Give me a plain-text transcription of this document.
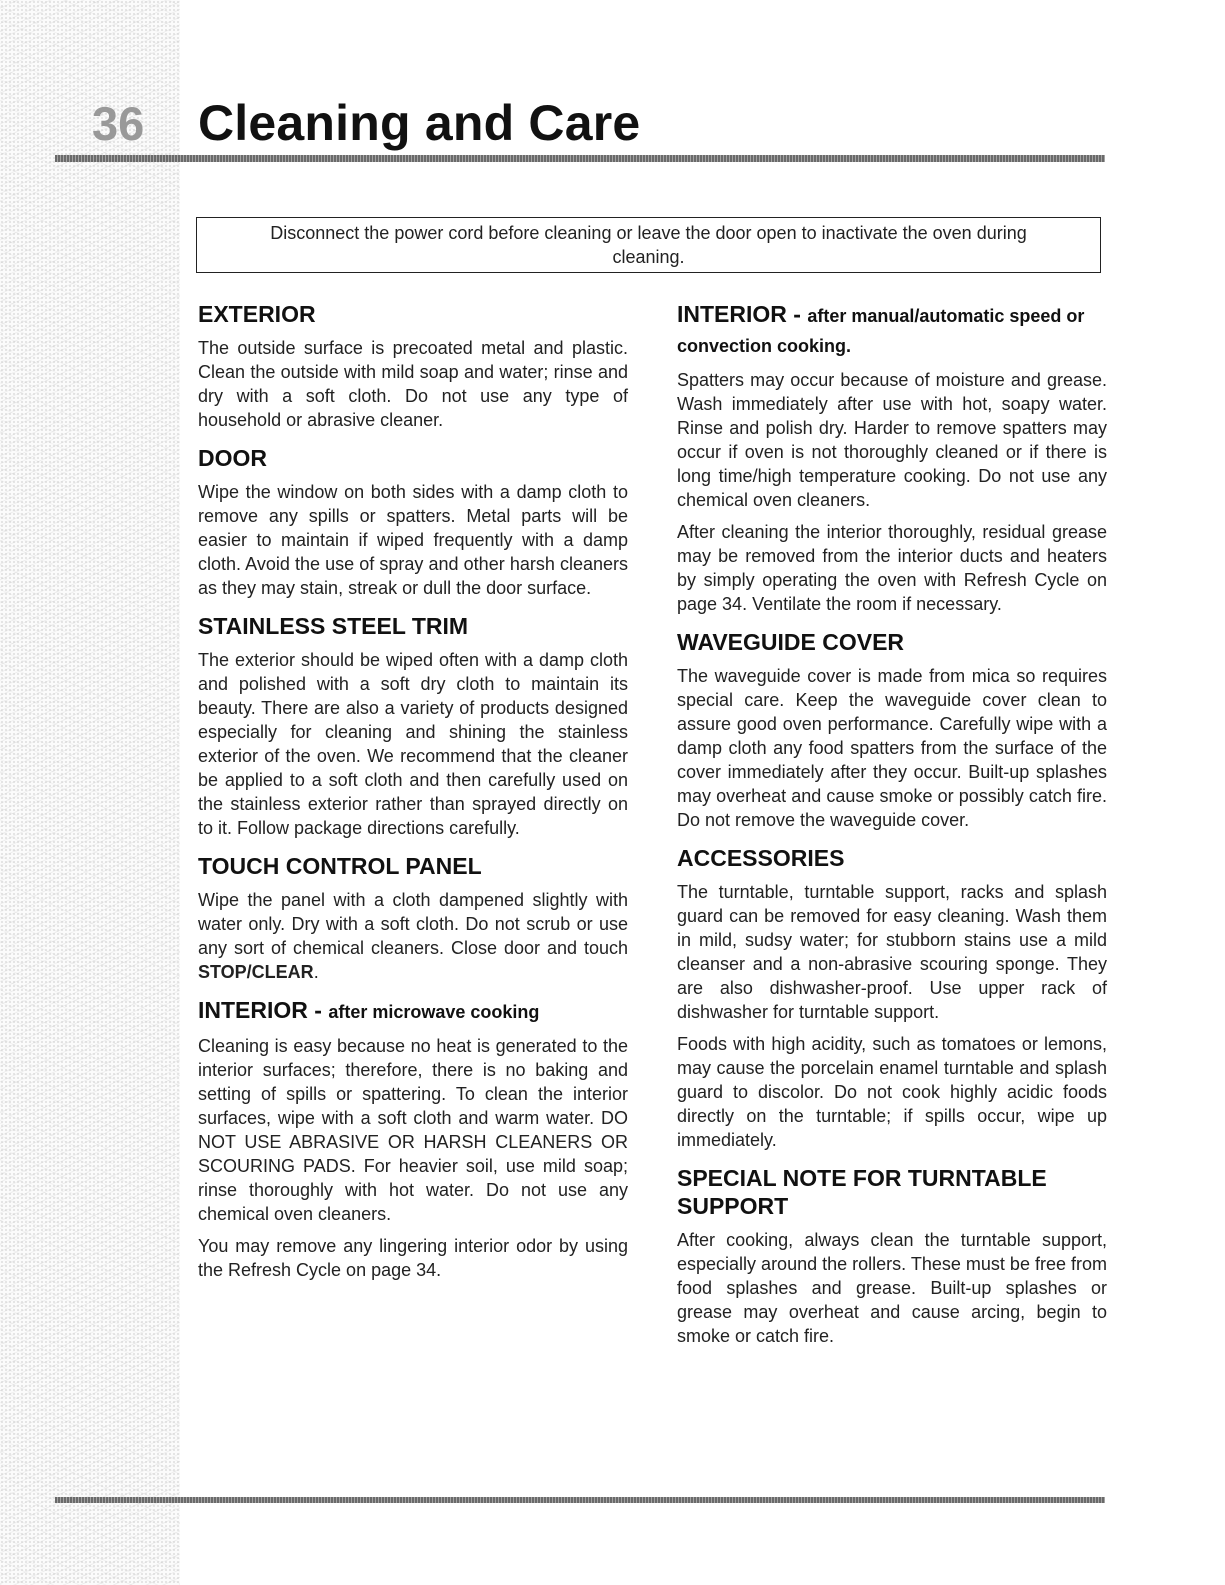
36 Cleaning and Care
Disconnect the power cord before cleaning or leave the door open to inactivate the oven during cleaning.
EXTERIOR

The outside surface is precoated metal and plastic. Clean the outside with mild soap and water; rinse and dry with a soft cloth. Do not use any type of household or abrasive cleaner.

DOOR

Wipe the window on both sides with a damp cloth to remove any spills or spatters. Metal parts will be easier to maintain if wiped frequently with a damp cloth. Avoid the use of spray and other harsh cleaners as they may stain, streak or dull the door surface.

STAINLESS STEEL TRIM

The exterior should be wiped often with a damp cloth and polished with a soft dry cloth to maintain its beauty. There are also a variety of products designed especially for cleaning and shining the stainless exterior of the oven. We recommend that the cleaner be applied to a soft cloth and then carefully used on the stainless exterior rather than sprayed directly on to it. Follow package directions carefully.

TOUCH CONTROL PANEL

Wipe the panel with a cloth dampened slightly with water only. Dry with a soft cloth. Do not scrub or use any sort of chemical cleaners. Close door and touch STOP/CLEAR.

INTERIOR - after microwave cooking

Cleaning is easy because no heat is generated to the interior surfaces; therefore, there is no baking and setting of spills or spattering. To clean the interior surfaces, wipe with a soft cloth and warm water. DO NOT USE ABRASIVE OR HARSH CLEANERS OR SCOURING PADS. For heavier soil, use mild soap; rinse thoroughly with hot water. Do not use any chemical oven cleaners.

You may remove any lingering interior odor by using the Refresh Cycle on page 34.

INTERIOR - after manual/automatic speed or convection cooking.

Spatters may occur because of moisture and grease. Wash immediately after use with hot, soapy water. Rinse and polish dry. Harder to remove spatters may occur if oven is not thoroughly cleaned or if there is long time/high temperature cooking. Do not use any chemical oven cleaners.

After cleaning the interior thoroughly, residual grease may be removed from the interior ducts and heaters by simply operating the oven with Refresh Cycle on page 34. Ventilate the room if necessary.

WAVEGUIDE COVER

The waveguide cover is made from mica so requires special care. Keep the waveguide cover clean to assure good oven performance. Carefully wipe with a damp cloth any food spatters from the surface of the cover immediately after they occur. Built-up splashes may overheat and cause smoke or possibly catch fire. Do not remove the waveguide cover.

ACCESSORIES

The turntable, turntable support, racks and splash guard can be removed for easy cleaning. Wash them in mild, sudsy water; for stubborn stains use a mild cleanser and a non-abrasive scouring sponge. They are also dishwasher-proof. Use upper rack of dishwasher for turntable support.

Foods with high acidity, such as tomatoes or lemons, may cause the porcelain enamel turntable and splash guard to discolor. Do not cook highly acidic foods directly on the turntable; if spills occur, wipe up immediately.

SPECIAL NOTE FOR TURNTABLE SUPPORT

After cooking, always clean the turntable support, especially around the rollers. These must be free from food splashes and grease. Built-up splashes or grease may overheat and cause arcing, begin to smoke or catch fire.
